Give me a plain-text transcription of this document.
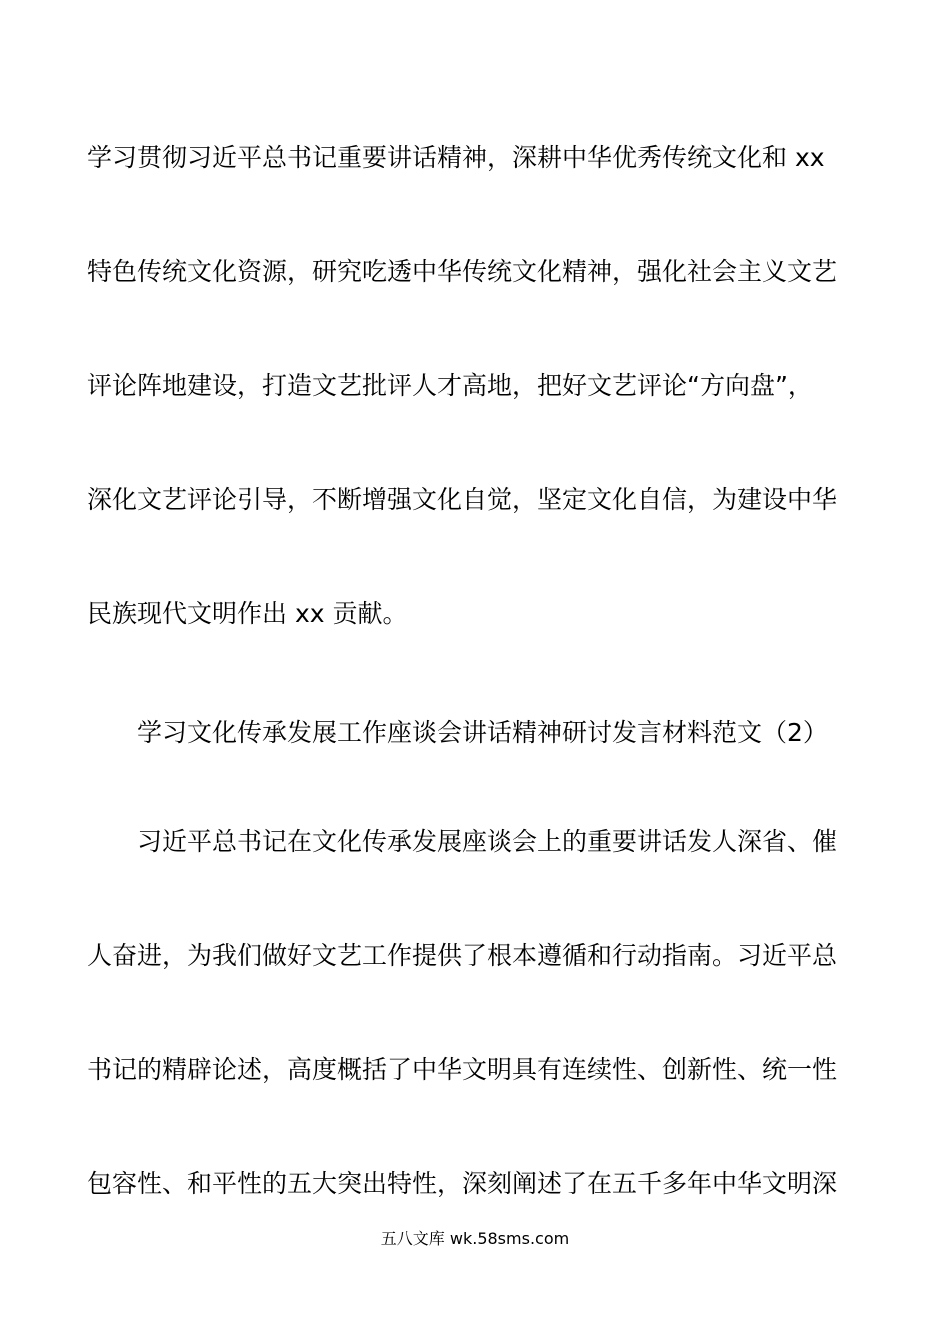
学习贯彻习近平总书记重要讲话精神，深耕中华优秀传统文化和 xx
特色传统文化资源，研究吃透中华传统文化精神，强化社会主义文艺
评论阵地建设，打造文艺批评人才高地，把好文艺评论“方向盘”，
深化文艺评论引导，不断增强文化自觉，坚定文化自信，为建设中华
民族现代文明作出 xx 贡献。
学习文化传承发展工作座谈会讲话精神研讨发言材料范文（2）
习近平总书记在文化传承发展座谈会上的重要讲话发人深省、催
人奋进，为我们做好文艺工作提供了根本遵循和行动指南。习近平总
书记的精辟论述，高度概括了中华文明具有连续性、创新性、统一性
包容性、和平性的五大突出特性，深刻阐述了在五千多年中华文明深
五八文库 wk.58sms.com
